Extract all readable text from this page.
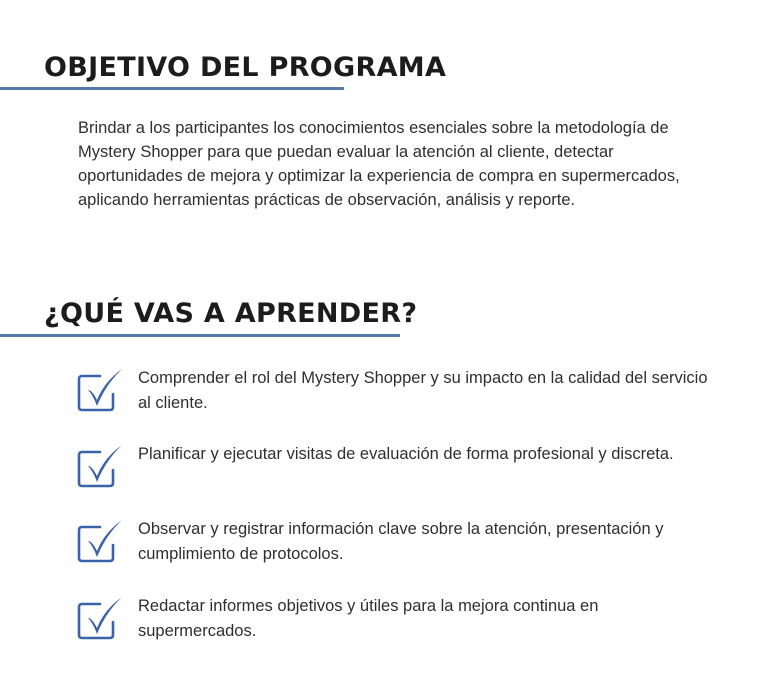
OBJETIVO DEL PROGRAMA

Brindar a los participantes los conocimientos esenciales sobre la metodología de Mystery Shopper para que puedan evaluar la atención al cliente, detectar oportunidades de mejora y optimizar la experiencia de compra en supermercados, aplicando herramientas prácticas de observación, análisis y reporte.

¿QUÉ VAS A APRENDER?
Comprender el rol del Mystery Shopper y su impacto en la calidad del servicio al cliente.
Planificar y ejecutar visitas de evaluación de forma profesional y discreta.
Observar y registrar información clave sobre la atención, presentación y cumplimiento de protocolos.
Redactar informes objetivos y útiles para la mejora continua en supermercados.
